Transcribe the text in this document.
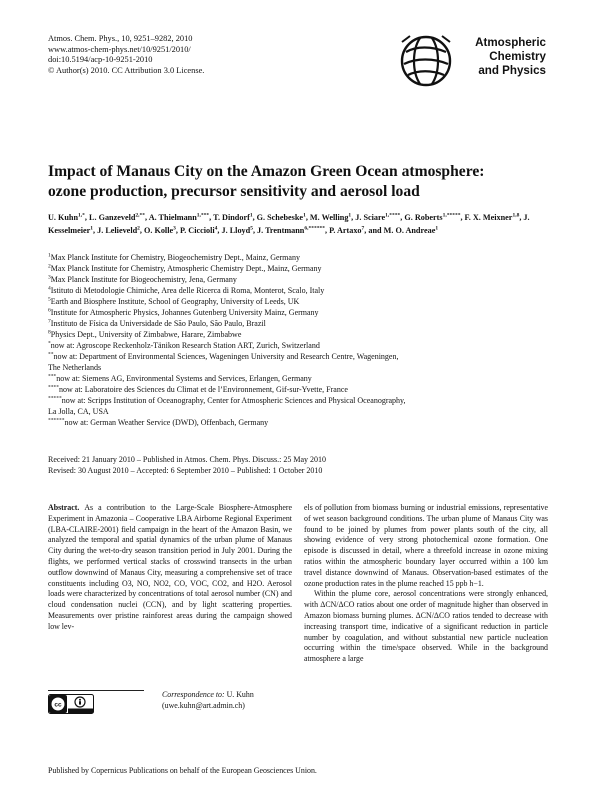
Atmos. Chem. Phys., 10, 9251–9282, 2010
www.atmos-chem-phys.net/10/9251/2010/
doi:10.5194/acp-10-9251-2010
© Author(s) 2010. CC Attribution 3.0 License.
Atmospheric
Chemistry
and Physics
Impact of Manaus City on the Amazon Green Ocean atmosphere:
ozone production, precursor sensitivity and aerosol load
U. Kuhn$^{1,*}$, L. Ganzeveld$^{2,**}$, A. Thielmann$^{1,***}$, T. Dindorf$^1$, G. Schebeske$^1$, M. Welling$^1$, J. Sciare$^{1,****}$, G. Roberts$^{1,*****}$, F. X. Meixner$^{1,8}$, J. Kesselmeier$^1$, J. Lelieveld$^2$, O. Kolle$^3$, P. Ciccioli$^4$, J. Lloyd$^5$, J. Trentmann$^{6,******}$, P. Artaxo$^7$, and M. O. Andreae$^1$
$^1$Max Planck Institute for Chemistry, Biogeochemistry Dept., Mainz, Germany
$^2$Max Planck Institute for Chemistry, Atmospheric Chemistry Dept., Mainz, Germany
$^3$Max Planck Institute for Biogeochemistry, Jena, Germany
$^4$Istituto di Metodologie Chimiche, Area delle Ricerca di Roma, Monterot, Scalo, Italy
$^5$Earth and Biosphere Institute, School of Geography, University of Leeds, UK
$^6$Institute for Atmospheric Physics, Johannes Gutenberg University Mainz, Germany
$^7$Instituto de Física da Universidade de São Paulo, São Paulo, Brazil
$^8$Physics Dept., University of Zimbabwe, Harare, Zimbabwe
*now at: Agroscope Reckenholz-Tänikon Research Station ART, Zurich, Switzerland
**now at: Department of Environmental Sciences, Wageningen University and Research Centre, Wageningen,
The Netherlands
***now at: Siemens AG, Environmental Systems and Services, Erlangen, Germany
****now at: Laboratoire des Sciences du Climat et de l’Environnement, Gif-sur-Yvette, France
*****now at: Scripps Institution of Oceanography, Center for Atmospheric Sciences and Physical Oceanography,
La Jolla, CA, USA
******now at: German Weather Service (DWD), Offenbach, Germany
Received: 21 January 2010 – Published in Atmos. Chem. Phys. Discuss.: 25 May 2010
Revised: 30 August 2010 – Accepted: 6 September 2010 – Published: 1 October 2010

Abstract. As a contribution to the Large-Scale Biosphere-Atmosphere Experiment in Amazonia – Cooperative LBA Airborne Regional Experiment (LBA-CLAIRE-2001) field campaign in the heart of the Amazon Basin, we analyzed the temporal and spatial dynamics of the urban plume of Manaus City during the wet-to-dry season transition period in July 2001. During the flights, we performed vertical stacks of crosswind transects in the urban outflow downwind of Manaus City, measuring a comprehensive set of trace constituents including O3, NO, NO2, CO, VOC, CO2, and H2O. Aerosol loads were characterized by concentrations of total aerosol number (CN) and cloud condensation nuclei (CCN), and by light scattering properties. Measurements over pristine rainforest areas during the campaign showed low lev-

els of pollution from biomass burning or industrial emissions, representative of wet season background conditions. The urban plume of Manaus City was found to be joined by plumes from power plants south of the city, all showing evidence of very strong photochemical ozone formation. One episode is discussed in detail, where a threefold increase in ozone mixing ratios within the atmospheric boundary layer occurred within a 100 km travel distance downwind of Manaus. Observation-based estimates of the ozone production rates in the plume reached 15 ppb h−1.

Within the plume core, aerosol concentrations were strongly enhanced, with ΔCN/ΔCO ratios about one order of magnitude higher than observed in Amazon biomass burning plumes. ΔCN/ΔCO ratios tended to decrease with increasing transport time, indicative of a significant reduction in particle number by coagulation, and without substantial new particle nucleation occurring within the time/space observed. While in the background atmosphere a large

cc
Correspondence to: U. Kuhn
(uwe.kuhn@art.admin.ch)
Published by Copernicus Publications on behalf of the European Geosciences Union.
